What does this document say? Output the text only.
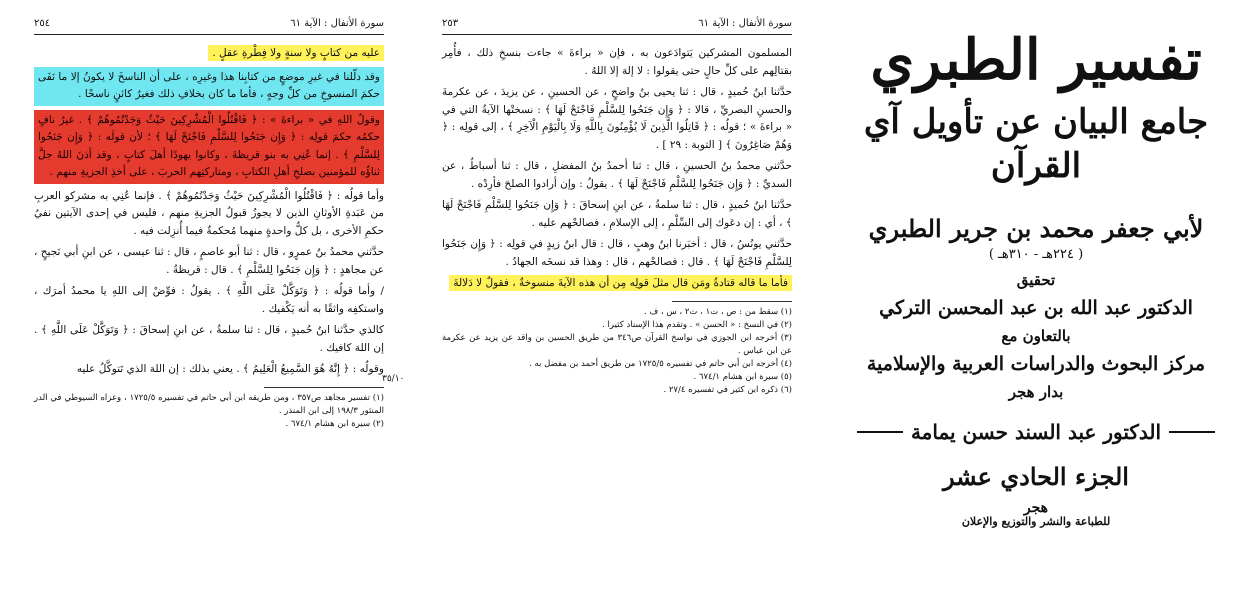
سورة الأنفال : الآية ٦١
٢٥٤

عليه من كتابٍ ولا سنةٍ ولا فِطْرةِ عقلٍ .

وقد دلّلنا في غيرِ موضعٍ من كتابِنا هذا وغيرِه ، على أن الناسخَ لا يكونُ إلا ما نَفَى حكمَ المنسوخِ من كلِّ وجهٍ ، فأما ما كان بخلافِ ذلك فغيرُ كائنٍ ناسخًا .

وقولُ اللهِ في « براءةَ » : ﴿ فَاقْتُلُوا الْمُشْرِكِينَ حَيْثُ وَجَدْتُمُوهُمْ ﴾ . غيرُ نافٍ حكمُه حكمَ قولِه : ﴿ وَإِن جَنَحُوا لِلسَّلْمِ فَاجْنَحْ لَهَا ﴾ ؛ لأن قولَه : ﴿ وَإِن جَنَحُوا لِلسَّلْمِ ﴾ . إنما عُنِي به بنو قريظةَ ، وكانوا يهودًا أهلَ كتابٍ ، وقد أذنَ اللهُ جلَّ ثناؤُه للمؤمنين بصلحِ أهلِ الكتابِ ، ومتاركتِهم الحربَ ، على أخذِ الجزيةِ منهم .

وأما قولُه : ﴿ فَاقْتُلُوا الْمُشْرِكِينَ حَيْثُ وَجَدْتُمُوهُمْ ﴾ . فإنما عُنِي به مشركو العربِ من عَبَدةِ الأوثانِ الذين لا يجوزُ قبولُ الجزيةِ منهم ، فليس في إحدى الآيتين نفيُ حكمِ الأخرى ، بل كلُّ واحدةٍ منهما مُحكمةٌ فيما أُنزِلت فيه .

حدَّثني محمدُ بنُ عمرٍو ، قال : ثنا أبو عاصمٍ ، قال : ثنا عيسى ، عن ابنِ أبي نَجيحٍ ، عن مجاهدٍ : ﴿ وَإِن جَنَحُوا لِلسَّلْمِ ﴾ . قال : قريظةُ .

/ وأما قولُه : ﴿ وَتَوَكَّلْ عَلَى اللَّهِ ﴾ . يقولُ : فوِّضْ إلى اللهِ يا محمدُ أمرَك ، واستكفِه واثقًا به أنه يَكْفيك .

كالذي حدَّثنا ابنُ حُميدٍ ، قال : ثنا سلمةُ ، عن ابنِ إسحاقَ : ﴿ وَتَوَكَّلْ عَلَى اللَّهِ ﴾ . إن اللهَ كافيك .

وقولُه : ﴿ إِنَّهُ هُوَ السَّمِيعُ الْعَلِيمُ ﴾ . يعني بذلك : إن اللهَ الذي تَتوكَّلُ عليه

(١) تفسير مجاهد ص٣٥٧ ، ومن طريقه ابن أبي حاتم في تفسيره ١٧٢٥/٥ ، وعزاه السيوطي في الدر المنثور ١٩٨/٣ إلى ابن المنذر .
(٢) سيرة ابن هشام ٦٧٤/١ .
٣٥/١٠
سورة الأنفال : الآية ٦١
٢٥٣

المسلمون المشركين يَتوادَعون به ، فإن « براءةَ » جاءت بنسخِ ذلك ، فأُمِر بقتالِهم على كلِّ حالٍ حتى يقولوا : لا إلهَ إلا اللهُ .

حدَّثنا ابنُ حُميدٍ ، قال : ثنا يحيى بنُ واضحٍ ، عن الحسينِ ، عن يزيدَ ، عن عكرمةَ والحسنِ البصريِّ ، قالا : ﴿ وَإِن جَنَحُوا لِلسَّلْمِ فَاجْنَحْ لَهَا ﴾ : نسختْها الآيةُ التي في « براءةَ » ؛ قولُه : ﴿ قَاتِلُوا الَّذِينَ لَا يُؤْمِنُونَ بِاللَّهِ وَلَا بِالْيَوْمِ الْآخِرِ ﴾ ، إلى قولِه : ﴿ وَهُمْ صَاغِرُونَ ﴾ [ التوبة : ٢٩ ] .

حدَّثني محمدُ بنُ الحسينِ ، قال : ثنا أحمدُ بنُ المفضلِ ، قال : ثنا أسباطُ ، عن السديِّ : ﴿ وَإِن جَنَحُوا لِلسَّلْمِ فَاجْنَحْ لَهَا ﴾ . يقولُ : وإن أرادوا الصلحَ فأرِدْه .

حدَّثنا ابنُ حُميدٍ ، قال : ثنا سلمةُ ، عن ابنِ إسحاقَ : ﴿ وَإِن جَنَحُوا لِلسَّلْمِ فَاجْنَحْ لَهَا ﴾ ، أي : إن دعَوك إلى السِّلْمِ ، إلى الإسلامِ ، فصالحْهم عليه .

حدَّثني يونُسُ ، قال : أخبَرنا ابنُ وهبٍ ، قال : قال ابنُ زيدٍ في قولِه : ﴿ وَإِن جَنَحُوا لِلسَّلْمِ فَاجْنَحْ لَهَا ﴾ . قال : فصالحْهم ، قال : وهذا قد نسخَه الجهادُ .

فأما ما قاله قتادةُ ومَن قال مثلَ قولِه مِن أن هذه الآيةَ منسوخةٌ ، فقولٌ لا دَلالةَ

(١) سقط من : ص ، ت١ ، ت٢ ، س ، ف .
(٢) في النسخ : « الحسن » . وتقدم هذا الإسناد كثيرا .
(٣) أخرجه ابن الجوزي في نواسخ القرآن ص٣٤٦ من طريق الحسين بن واقد عن يزيد عن عكرمة عن ابن عباس .
(٤) أخرجه ابن أبي حاتم في تفسيره ١٧٢٥/٥ من طريق أحمد بن مفضل به .
(٥) سيرة ابن هشام ٦٧٤/١ .
(٦) ذكره ابن كثير في تفسيره ٢٧/٤ .
تفسير الطبري
جامع البيان عن تأويل آي القرآن
لأبي جعفر محمد بن جرير الطبري
( ٢٢٤هـ - ٣١٠هـ )
تحقيق
الدكتور عبد الله بن عبد المحسن التركي
بالتعاون مع
مركز البحوث والدراسات العربية والإسلامية
بدار هجر
الدكتور عبد السند حسن يمامة
الجزء الحادي عشر
هجر
للطباعة والنشر والتوزيع والإعلان
